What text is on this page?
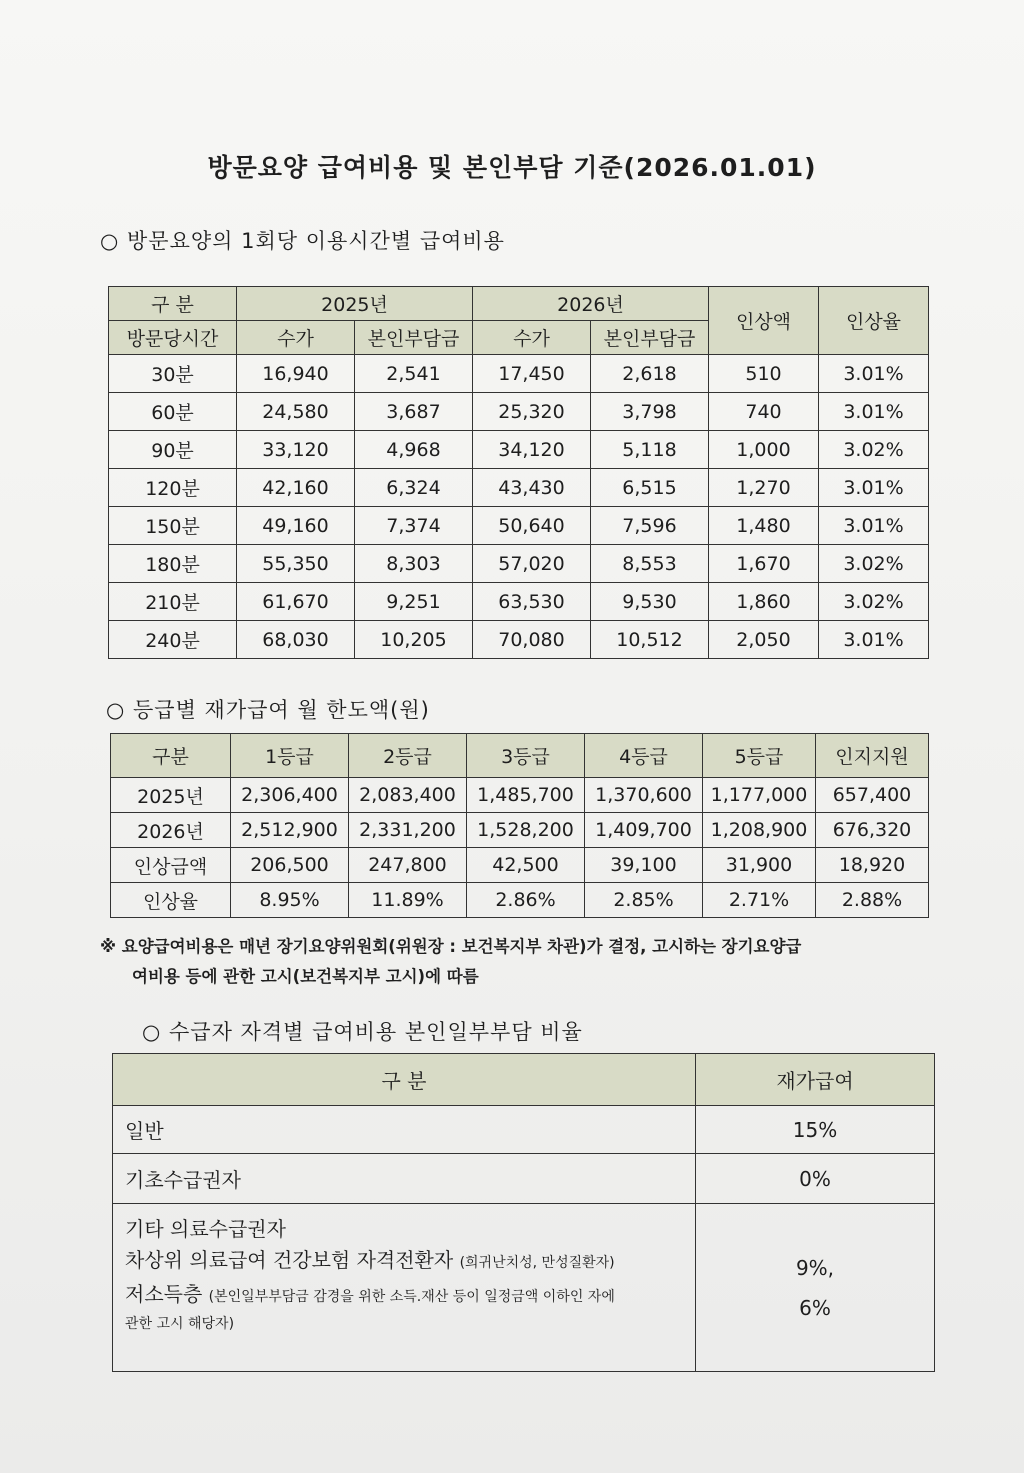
방문요양 급여비용 및 본인부담 기준(2026.01.01)
○ 방문요양의 1회당 이용시간별 급여비용
구 분	2025년		2026년		인상액	인상율
방문당시간	수가	본인부담금	수가	본인부담금		
30분	16,940	2,541	17,450	2,618	510	3.01%
60분	24,580	3,687	25,320	3,798	740	3.01%
90분	33,120	4,968	34,120	5,118	1,000	3.02%
120분	42,160	6,324	43,430	6,515	1,270	3.01%
150분	49,160	7,374	50,640	7,596	1,480	3.01%
180분	55,350	8,303	57,020	8,553	1,670	3.02%
210분	61,670	9,251	63,530	9,530	1,860	3.02%
240분	68,030	10,205	70,080	10,512	2,050	3.01%
○ 등급별 재가급여 월 한도액(원)
구분	1등급	2등급	3등급	4등급	5등급	인지지원
2025년	2,306,400	2,083,400	1,485,700	1,370,600	1,177,000	657,400
2026년	2,512,900	2,331,200	1,528,200	1,409,700	1,208,900	676,320
인상금액	206,500	247,800	42,500	39,100	31,900	18,920
인상율	8.95%	11.89%	2.86%	2.85%	2.71%	2.88%
※ 요양급여비용은 매년 장기요양위원회(위원장 : 보건복지부 차관)가 결정, 고시하는 장기요양급
여비용 등에 관한 고시(보건복지부 고시)에 따름
○ 수급자 자격별 급여비용 본인일부부담 비율
구 분	재가급여
일반	15%
기초수급권자	0%

기타 의료수급권자
차상위 의료급여 건강보험 자격전환자 (희귀난치성, 만성질환자)
저소득층 (본인일부부담금 감경을 위한 소득.재산 등이 일정금액 이하인 자에
관한 고시 해당자)	9%,
6%
